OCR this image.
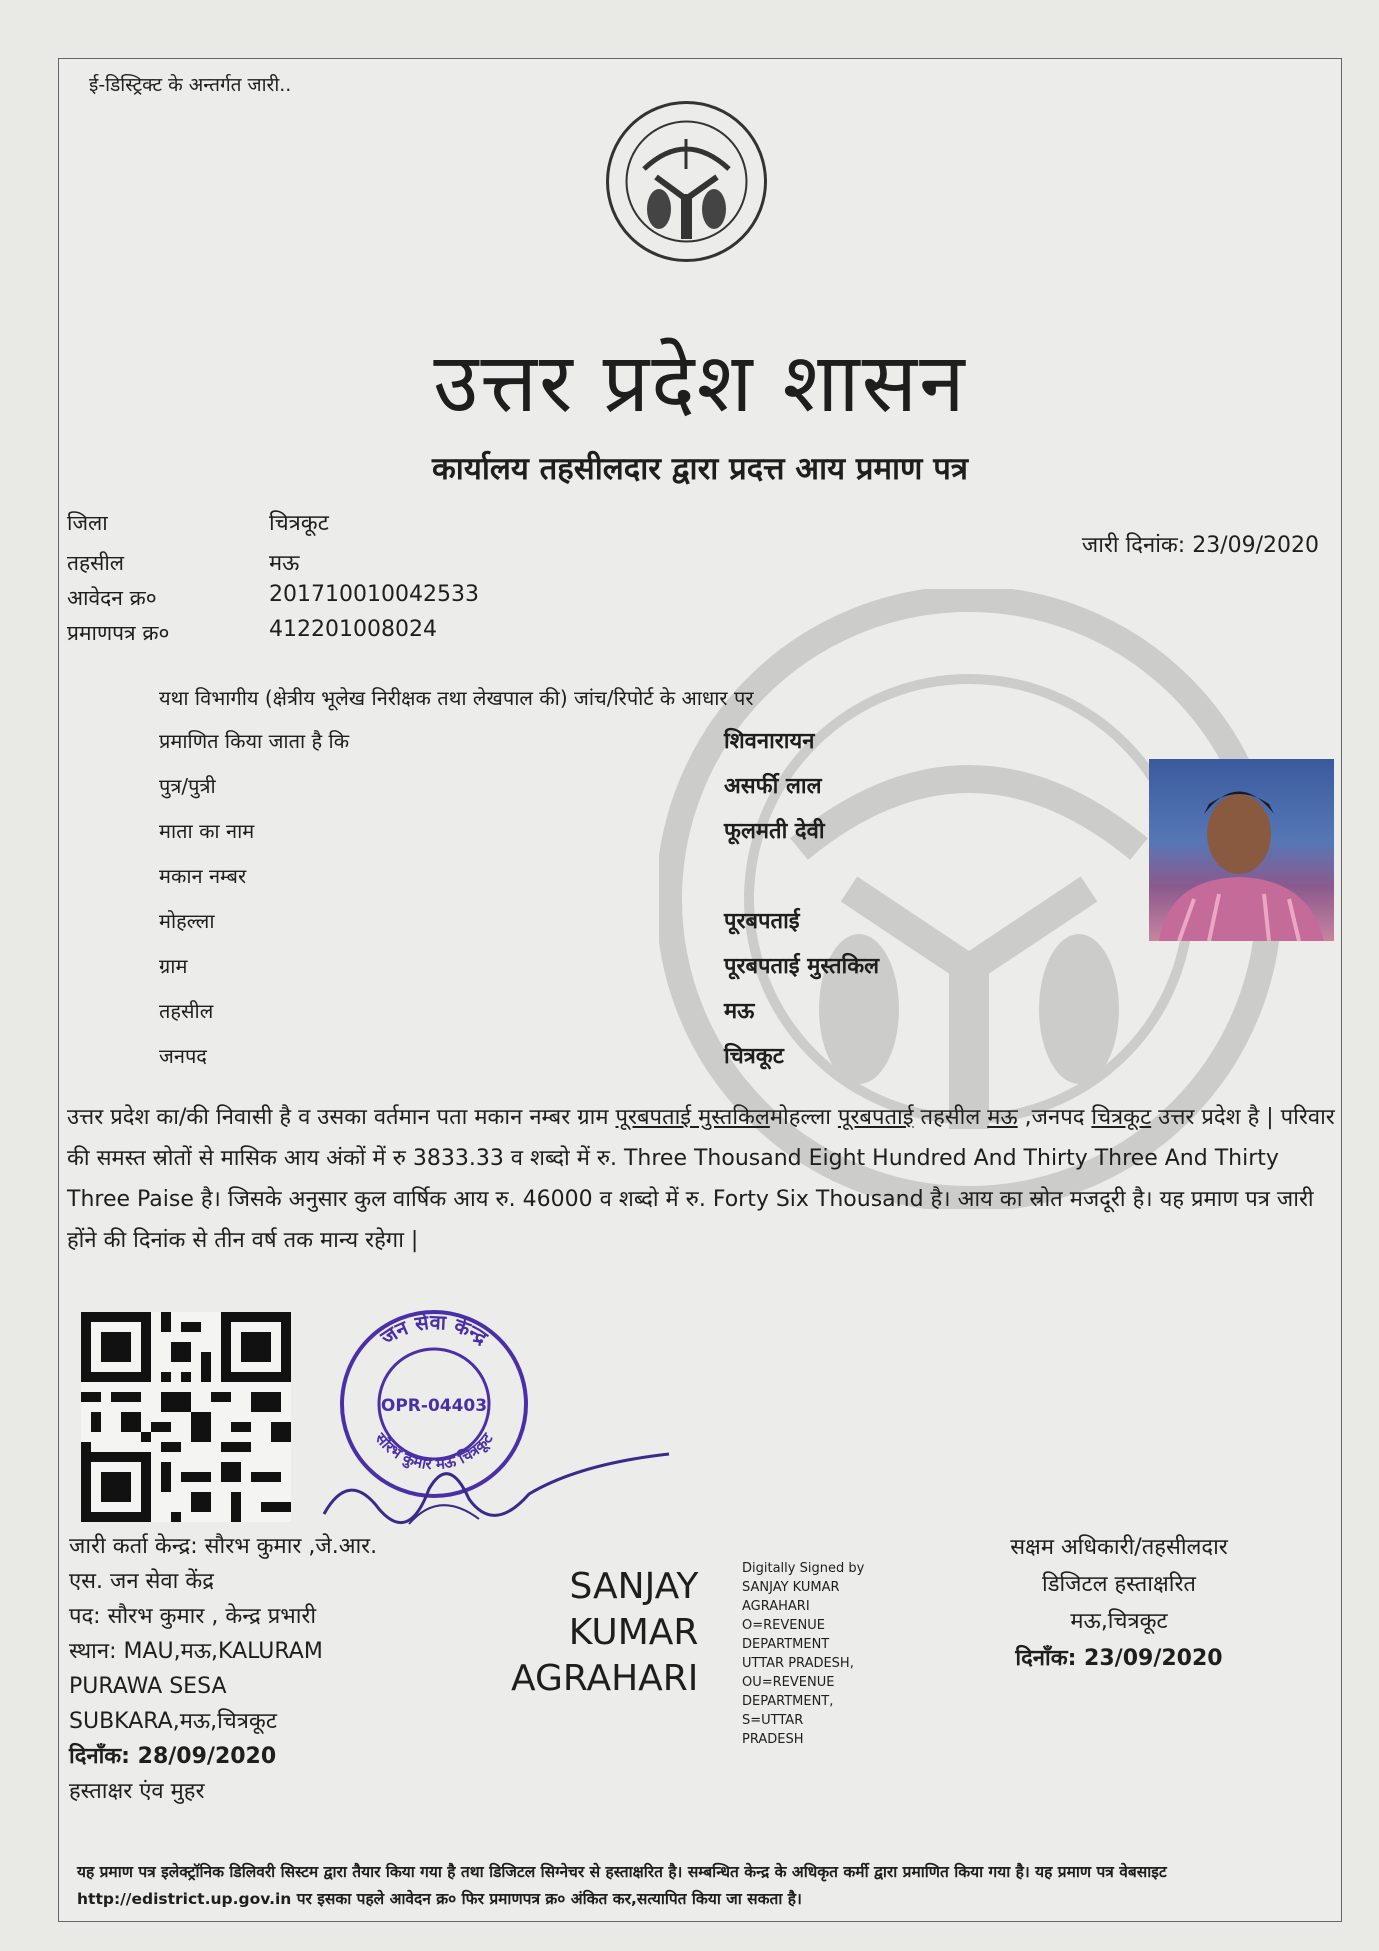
ई-डिस्ट्रिक्ट के अन्तर्गत जारी..
उत्तर प्रदेश शासन
कार्यालय तहसीलदार द्वारा प्रदत्त आय प्रमाण पत्र
जिला	चित्रकूट
तहसील	मऊ
आवेदन क्र०	201710010042533
प्रमाणपत्र क्र०	412201008024
जारी दिनांक: 23/09/2020
यथा विभागीय (क्षेत्रीय भूलेख निरीक्षक तथा लेखपाल की) जांच/रिपोर्ट के आधार पर
प्रमाणित किया जाता है कि	शिवनारायन
पुत्र/पुत्री	असर्फी लाल
माता का नाम	फूलमती देवी
मकान नम्बर
मोहल्ला	पूरबपताई
ग्राम	पूरबपताई मुस्तकिल
तहसील	मऊ
जनपद	चित्रकूट
उत्तर प्रदेश का/की निवासी है व उसका वर्तमान पता मकान नम्बर ग्राम पूरबपताई मुस्तकिलमोहल्ला पूरबपताई तहसील मऊ ,जनपद चित्रकूट उत्तर प्रदेश है | परिवार की समस्त स्रोतों से मासिक आय अंकों में रु 3833.33 व शब्दो में रु. Three Thousand Eight Hundred And Thirty Three And Thirty Three Paise है। जिसके अनुसार कुल वार्षिक आय रु. 46000 व शब्दो में रु. Forty Six Thousand है। आय का स्रोत मजदूरी है। यह प्रमाण पत्र जारी होंने की दिनांक से तीन वर्ष तक मान्य रहेगा |
जन सेवा केन्द्र
OPR-04403
सौरभ कुमार मऊ चित्रकूट
जारी कर्ता केन्द्र: सौरभ कुमार ,जे.आर.
एस. जन सेवा केंद्र
पद: सौरभ कुमार , केन्द्र प्रभारी
स्थान: MAU,मऊ,KALURAM
PURAWA SESA
SUBKARA,मऊ,चित्रकूट
दिनाँक: 28/09/2020
हस्ताक्षर एंव मुहर
SANJAY
KUMAR
AGRAHARI
Digitally Signed by
SANJAY KUMAR
AGRAHARI
O=REVENUE
DEPARTMENT
UTTAR PRADESH,
OU=REVENUE
DEPARTMENT,
S=UTTAR
PRADESH
सक्षम अधिकारी/तहसीलदार
डिजिटल हस्ताक्षरित
मऊ,चित्रकूट
दिनाँक: 23/09/2020
यह प्रमाण पत्र इलेक्ट्रॉनिक डिलिवरी सिस्टम द्वारा तैयार किया गया है तथा डिजिटल सिग्नेचर से हस्ताक्षरित है। सम्बन्धित केन्द्र के अधिकृत कर्मी द्वारा प्रमाणित किया गया है। यह प्रमाण पत्र वेबसाइट http://edistrict.up.gov.in पर इसका पहले आवेदन क्र० फिर प्रमाणपत्र क्र० अंकित कर,सत्यापित किया जा सकता है।
